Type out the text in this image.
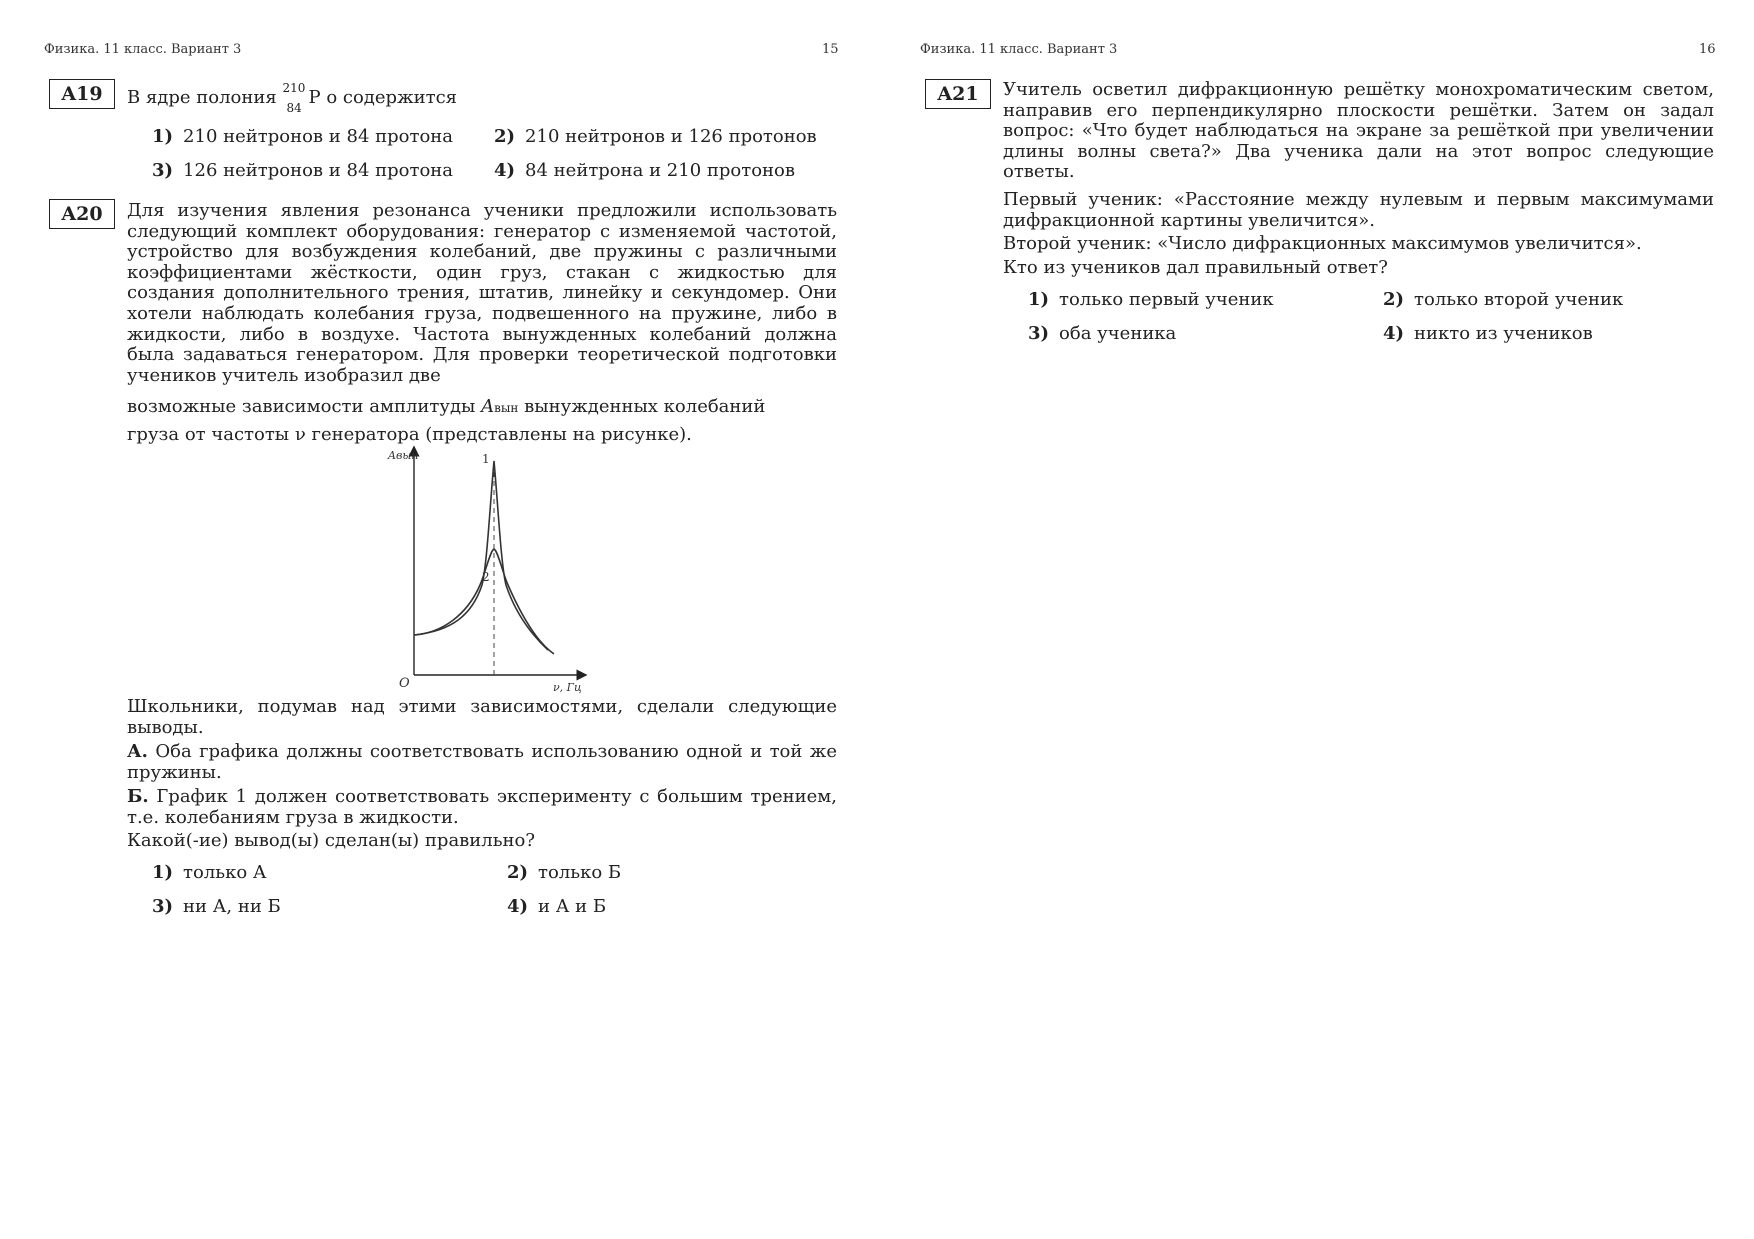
Физика. 11 класс. Вариант 3	15
A19	В ядре полония 210
84 P o содержится
1) 210 нейтронов и 84 протона 2) 210 нейтронов и 126 протонов
3) 126 нейтронов и 84 протона 4) 84 нейтрона и 210 протонов
A20	Для изучения явления резонанса ученики предложили использовать следующий комплект оборудования: генератор с изменяемой частотой, устройство для возбуждения колебаний, две пружины с различными коэффициентами жёсткости, один груз, стакан с жидкостью для создания дополнительного трения, штатив, линейку и секундомер. Они хотели наблюдать колебания груза, подвешенного на пружине, либо в жидкости, либо в воздухе. Частота вынужденных колебаний должна была задаваться генератором. Для проверки теоретической подготовки учеников учитель изобразил две
возможные зависимости амплитуды Aвын вынужденных колебаний
груза от частоты ν генератора (представлены на рисунке).
Aвын
ν, Гц
O
1
2
Школьники, подумав над этими зависимостями, сделали следующие выводы.
А. Оба графика должны соответствовать использованию одной и той же пружины.
Б. График 1 должен соответствовать эксперименту с большим трением, т.е. колебаниям груза в жидкости.
Какой(-ие) вывод(ы) сделан(ы) правильно?
1) только А	2) только Б
3) ни А, ни Б	4) и А и Б
Физика. 11 класс. Вариант 3	16
A21	Учитель осветил дифракционную решётку монохроматическим светом, направив его перпендикулярно плоскости решётки. Затем он задал вопрос: «Что будет наблюдаться на экране за решёткой при увеличении длины волны света?» Два ученика дали на этот вопрос следующие ответы.
Первый ученик: «Расстояние между нулевым и первым максимумами дифракционной картины увеличится».
Второй ученик: «Число дифракционных максимумов увеличится».
Кто из учеников дал правильный ответ?
1) только первый ученик	2) только второй ученик
3) оба ученика	4) никто из учеников
